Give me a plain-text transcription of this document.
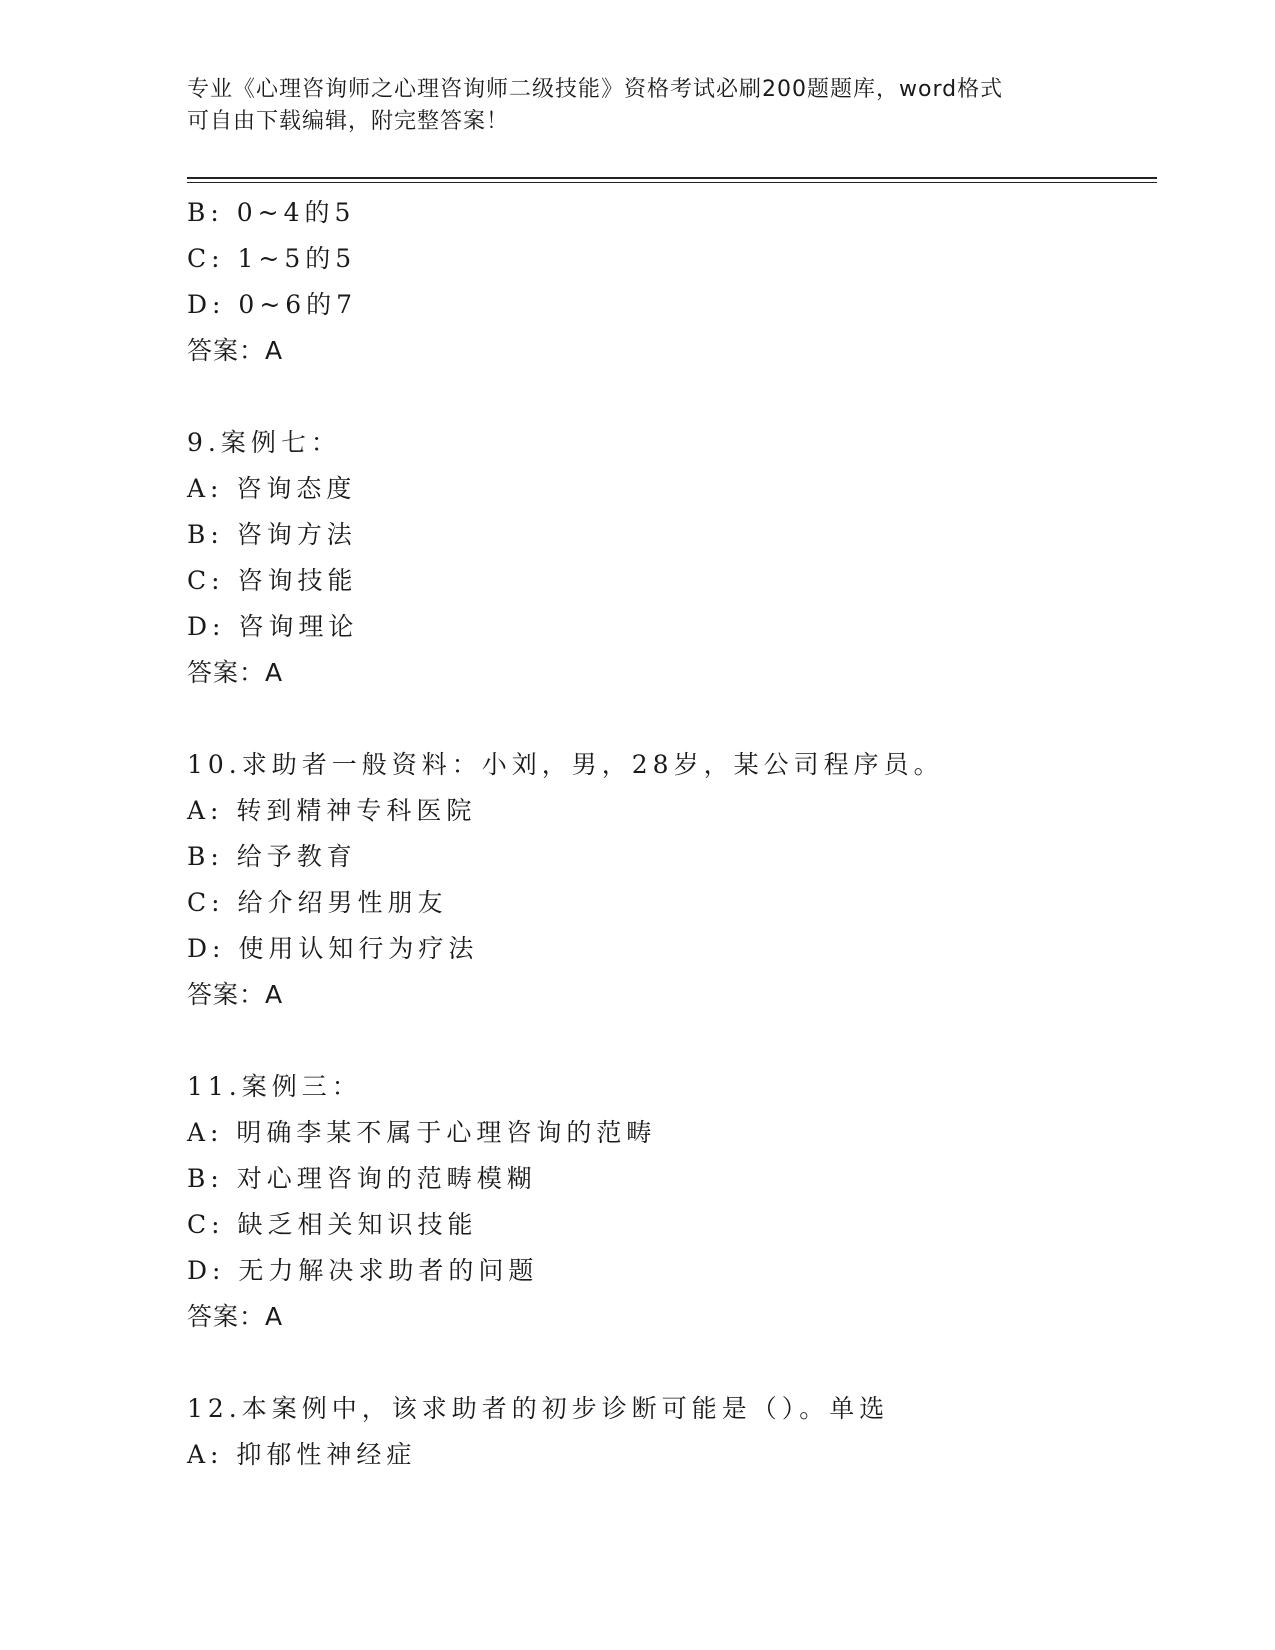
专业《心理咨询师之心理咨询师二级技能》资格考试必刷200题题库，word格式
可自由下载编辑，附完整答案！
B: 0~4的5
C: 1~5的5
D: 0~6的7
答案：A
9.案例七：
A: 咨询态度
B: 咨询方法
C: 咨询技能
D: 咨询理论
答案：A
10.求助者一般资料：小刘，男，28岁，某公司程序员。
A: 转到精神专科医院
B: 给予教育
C: 给介绍男性朋友
D: 使用认知行为疗法
答案：A
11.案例三：
A: 明确李某不属于心理咨询的范畴
B: 对心理咨询的范畴模糊
C: 缺乏相关知识技能
D: 无力解决求助者的问题
答案：A
12.本案例中，该求助者的初步诊断可能是（）。单选
A: 抑郁性神经症
